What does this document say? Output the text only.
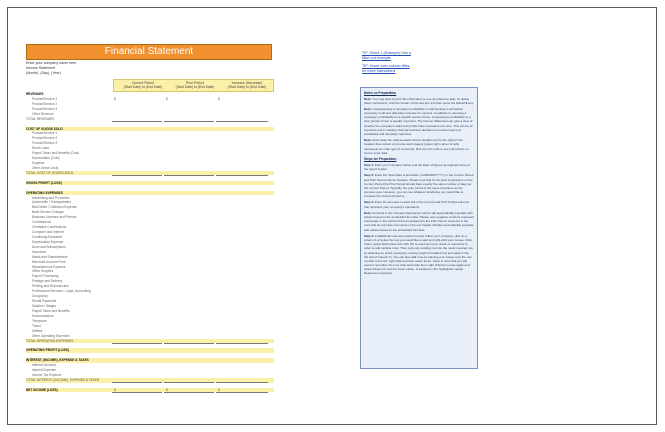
Financial Statement
Enter your company name here
Income Statement
(Month), (Day), (Year)
Current Period
(Start Date) to (End Date)
Prior Period
(Start Date) to (End Date)
Increase (Decrease)
(Start Date) to (End Date)
REVENUES
Product/Service 1	$	$	$
Product/Service 2
Product/Service 3
Other Revenue
TOTAL REVENUES
COST OF GOODS SOLD
Product/Service 1
Product/Service 2
Product/Service 3
Direct Labor
Payroll Taxes and Benefits (Cost)
Depreciation (Cost)
Supplies
Other Direct Costs
TOTAL COST OF GOODS SOLD
GROSS PROFIT (LOSS)
OPERATING EXPENSES
Advertising and Promotion
Automobile / Transportation
Bad Debts / Collection Expense
Bank Service Charges
Business Licenses and Permits
Commissions
Charitable Contributions
Computer and Internet
Continuing Education
Depreciation Expense
Dues and Subscriptions
Insurance
Meals and Entertainment
Merchant Account Fees
Miscellaneous Expense
Office Supplies
Payroll Processing
Postage and Delivery
Printing and Reproduction
Professional Services - Legal, Accounting
Occupancy
Rental Payments
Salaries / Wages
Payroll Taxes and Benefits
Subcontractors
Telephone
Travel
Utilities
Other Operating Expenses
TOTAL OPERATING EXPENSES
OPERATING PROFIT (LOSS)
INTEREST (INCOME), EXPENSE & TAXES
Interest (Income)
Interest Expense
Income Tax Expense
TOTAL INTEREST (INCOME), EXPENSE & TAXES
NET INCOME (LOSS)	$	$	$
TIP: Sheet 1 (Example) Has a
filled out example
TIP: Hover over column titles
for more instructions
Notes on Preparation
Note: You may want to print this information to use as reference later. To delete these instructions, click the border of this text box and then press the DELETE key.
Note: Understanding a company's profitability is vital because it will deliver necessary profit and ultimately increase its success. In addition to reporting a company's profitability for a specific period of time, comparing its profitability to a prior period of time is equally important. The Income Statement can give a view of whether the company's sales and profits have increased over time. This can be an important tool in making informed business decisions to ensure long-term profitability and ultimately cash flow.
Note: Enter data into cells beneath column headers and to the right of row headers that contain comments and integers (upper-right corner of cells represents an order type of comment). Roll over the cells to see instructions on how to enter data.
Steps for Preparation
Step 1: Enter your Company Name and the Date of figures as required at top of the report header.
Step 2: Enter the 'Start Date to End Date' (xx/MM/DD/YYYY) in the Current Period and Prior Period column headers. Please note that for the best comparison on the Current Period the Prior Period should have exactly the same number of days as the Current Period. Typically, the prior period is the same timeframe as the previous year. However, you can use whatever timeframe you would like to compare the Current Period to.
Step 3: Enter the amounts in each cell of the Current and Prior Period columns that represent your company's operations.
Note: Amounts in the Increase (Decrease) column will automatically populate with values based on the embedded formulas. Please note negative numbers represent a decrease in the Current Period compared to the Prior Period. Amounts in the rows that do not have comments in the row header will also automatically populate with values based on the embedded formulas.
Step 4: If additional rows are required to best reflect your company, click on a column A or below the row you would like to add and right-click your mouse. Click Insert, select Entire Row and click OK to insert as many. Rows or resources in order to add multiple rows. Then copy any existing row into the newly inserted row by selecting an entire previously existing single formulated row and paste it into the cell of Column A). You can also add rows by placing your mouse over the row number to the left, right-click and then select Insert. Keep in mind that you will need to renumber the new cells and make them right click the mouse again and select Paste but next the Insert option. Is located on the highlighted margin. Repeat as necessary.
